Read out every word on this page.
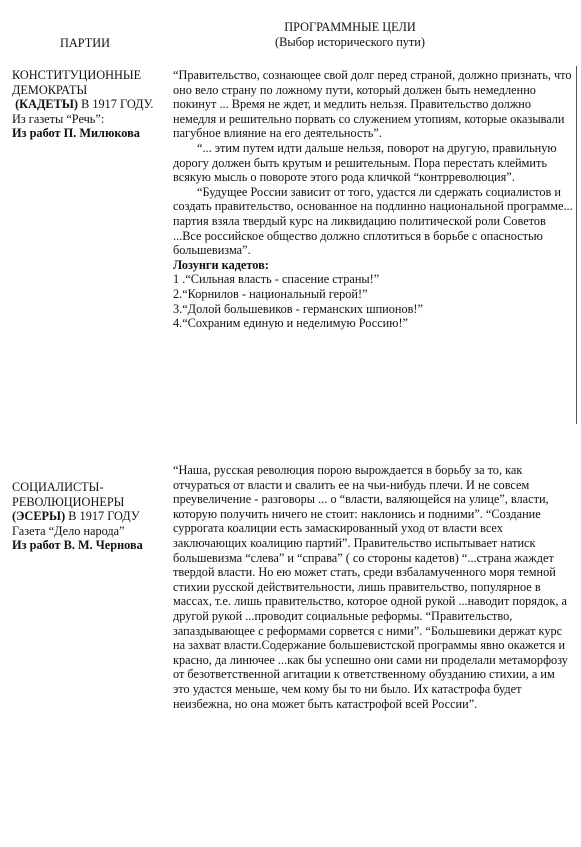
ПАРТИИ
ПРОГРАММНЫЕ ЦЕЛИ
(Выбор исторического пути)
КОНСТИТУЦИОННЫЕ ДЕМОКРАТЫ
(КАДЕТЫ) В 1917 ГОДУ.
Из газеты “Речь”:
Из работ П. Милюкова

“Правительство, сознающее свой долг перед страной, должно признать, что оно вело страну по ложному пути, который должен быть немедленно покинут ... Время не ждет, и медлить нельзя. Правительство должно немедля и решительно порвать со служением утопиям, которые оказывали пагубное влияние на его деятельность”.

“... этим путем идти дальше нельзя, поворот на другую, правильную дорогу должен быть крутым и решительным. Пора перестать клеймить всякую мысль о повороте этого рода кличкой “контрреволюция”.

“Будущее России зависит от того, удастся ли сдержать социалистов и создать правительство, основанное на подлинно национальной программе... партия взяла твердый курс на ликвидацию политической роли Советов ...Все российское общество должно сплотиться в борьбе с опасностью большевизма”.

Лозунги кадетов:
1 .“Сильная власть - спасение страны!”
2.“Корнилов - национальный герой!”
3.“Долой большевиков - германских шпионов!”
4.“Сохраним единую и неделимую Россию!”
СОЦИАЛИСТЫ-РЕВОЛЮЦИОНЕРЫ (ЭСЕРЫ) В 1917 ГОДУ
Газета “Дело народа”
Из работ В. М. Чернова

“Наша, русская революция порою вырождается в борьбу за то, как отчураться от власти и свалить ее на чьи-нибудь плечи. И не совсем преувеличение - разговоры ... о “власти, валяющейся на улице”, власти, которую получить ничего не стоит: наклонись и подними”. “Создание суррогата коалиции есть замаскированный уход от власти всех заключающих коалицию партий”. Правительство испытывает натиск большевизма “слева” и “справа” ( со стороны кадетов) “...страна жаждет твердой власти. Но ею может стать, среди взбаламученного моря темной стихии русской действительности, лишь правительство, популярное в массах, т.е. лишь правительство, которое одной рукой ...наводит порядок, а другой рукой ...проводит социальные реформы. “Правительство, запаздывающее с реформами сорвется с ними”. “Большевики держат курс на захват власти.Содержание большевистской программы явно окажется и красно, да линючее ...как бы успешно они сами ни проделали метаморфозу от безответственной агитации к ответственному обузданию стихии, а им это удастся меньше, чем кому бы то ни было. Их катастрофа будет неизбежна, но она может быть катастрофой всей России”.
